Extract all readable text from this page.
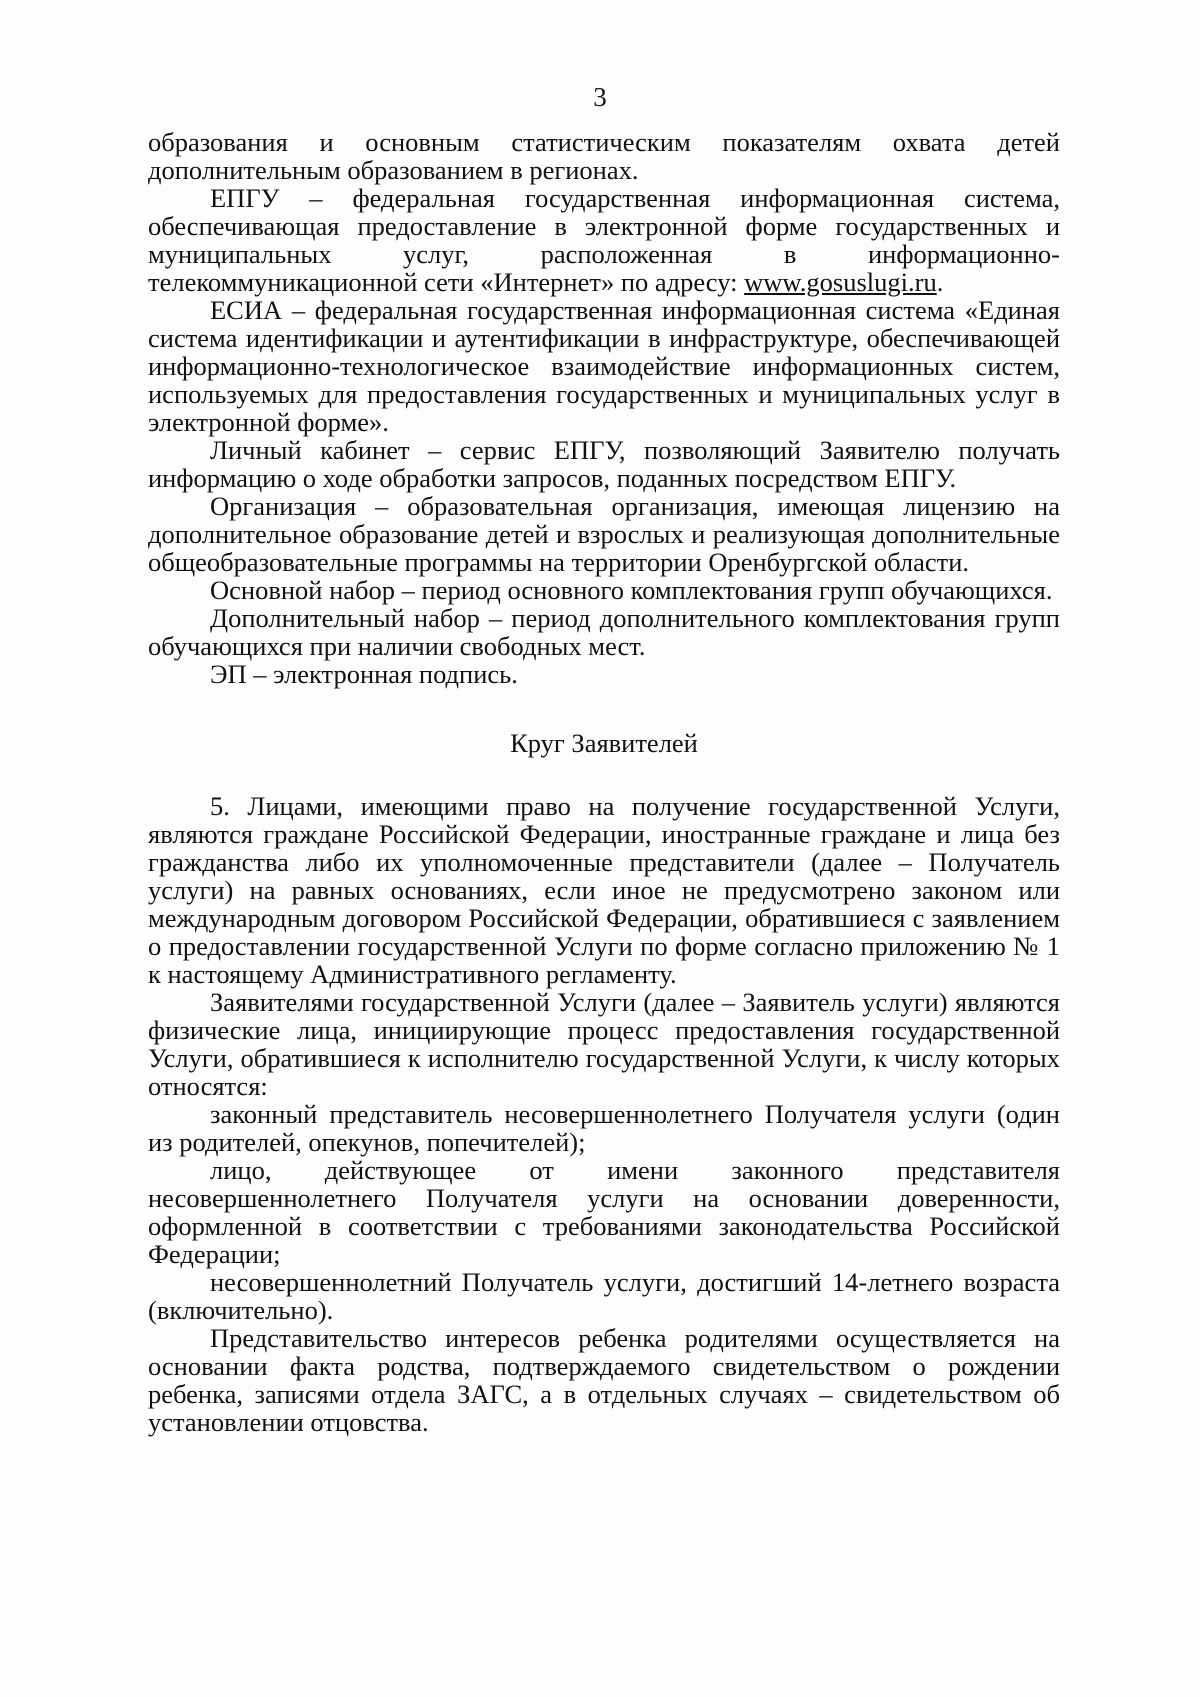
3

образования и основным статистическим показателям охвата детей дополнительным образованием в регионах.

ЕПГУ – федеральная государственная информационная система, обеспечивающая предоставление в электронной форме государственных и муниципальных услуг, расположенная в информационно-телекоммуникационной сети «Интернет» по адресу: www.gosuslugi.ru.

ЕСИА – федеральная государственная информационная система «Единая система идентификации и аутентификации в инфраструктуре, обеспечивающей информационно-технологическое взаимодействие информационных систем, используемых для предоставления государственных и муниципальных услуг в электронной форме».

Личный кабинет – сервис ЕПГУ, позволяющий Заявителю получать информацию о ходе обработки запросов, поданных посредством ЕПГУ.

Организация – образовательная организация, имеющая лицензию на дополнительное образование детей и взрослых и реализующая дополнительные общеобразовательные программы на территории Оренбургской области.

Основной набор – период основного комплектования групп обучающихся.

Дополнительный набор – период дополнительного комплектования групп обучающихся при наличии свободных мест.

ЭП – электронная подпись.

Круг Заявителей

5. Лицами, имеющими право на получение государственной Услуги, являются граждане Российской Федерации, иностранные граждане и лица без гражданства либо их уполномоченные представители (далее – Получатель услуги) на равных основаниях, если иное не предусмотрено законом или международным договором Российской Федерации, обратившиеся с заявлением о предоставлении государственной Услуги по форме согласно приложению № 1 к настоящему Административного регламенту.

Заявителями государственной Услуги (далее – Заявитель услуги) являются физические лица, инициирующие процесс предоставления государственной Услуги, обратившиеся к исполнителю государственной Услуги, к числу которых относятся:

законный представитель несовершеннолетнего Получателя услуги (один из родителей, опекунов, попечителей);

лицо, действующее от имени законного представителя несовершеннолетнего Получателя услуги на основании доверенности, оформленной в соответствии с требованиями законодательства Российской Федерации;

несовершеннолетний Получатель услуги, достигший 14-летнего возраста (включительно).

Представительство интересов ребенка родителями осуществляется на основании факта родства, подтверждаемого свидетельством о рождении ребенка, записями отдела ЗАГС, а в отдельных случаях – свидетельством об установлении отцовства.
